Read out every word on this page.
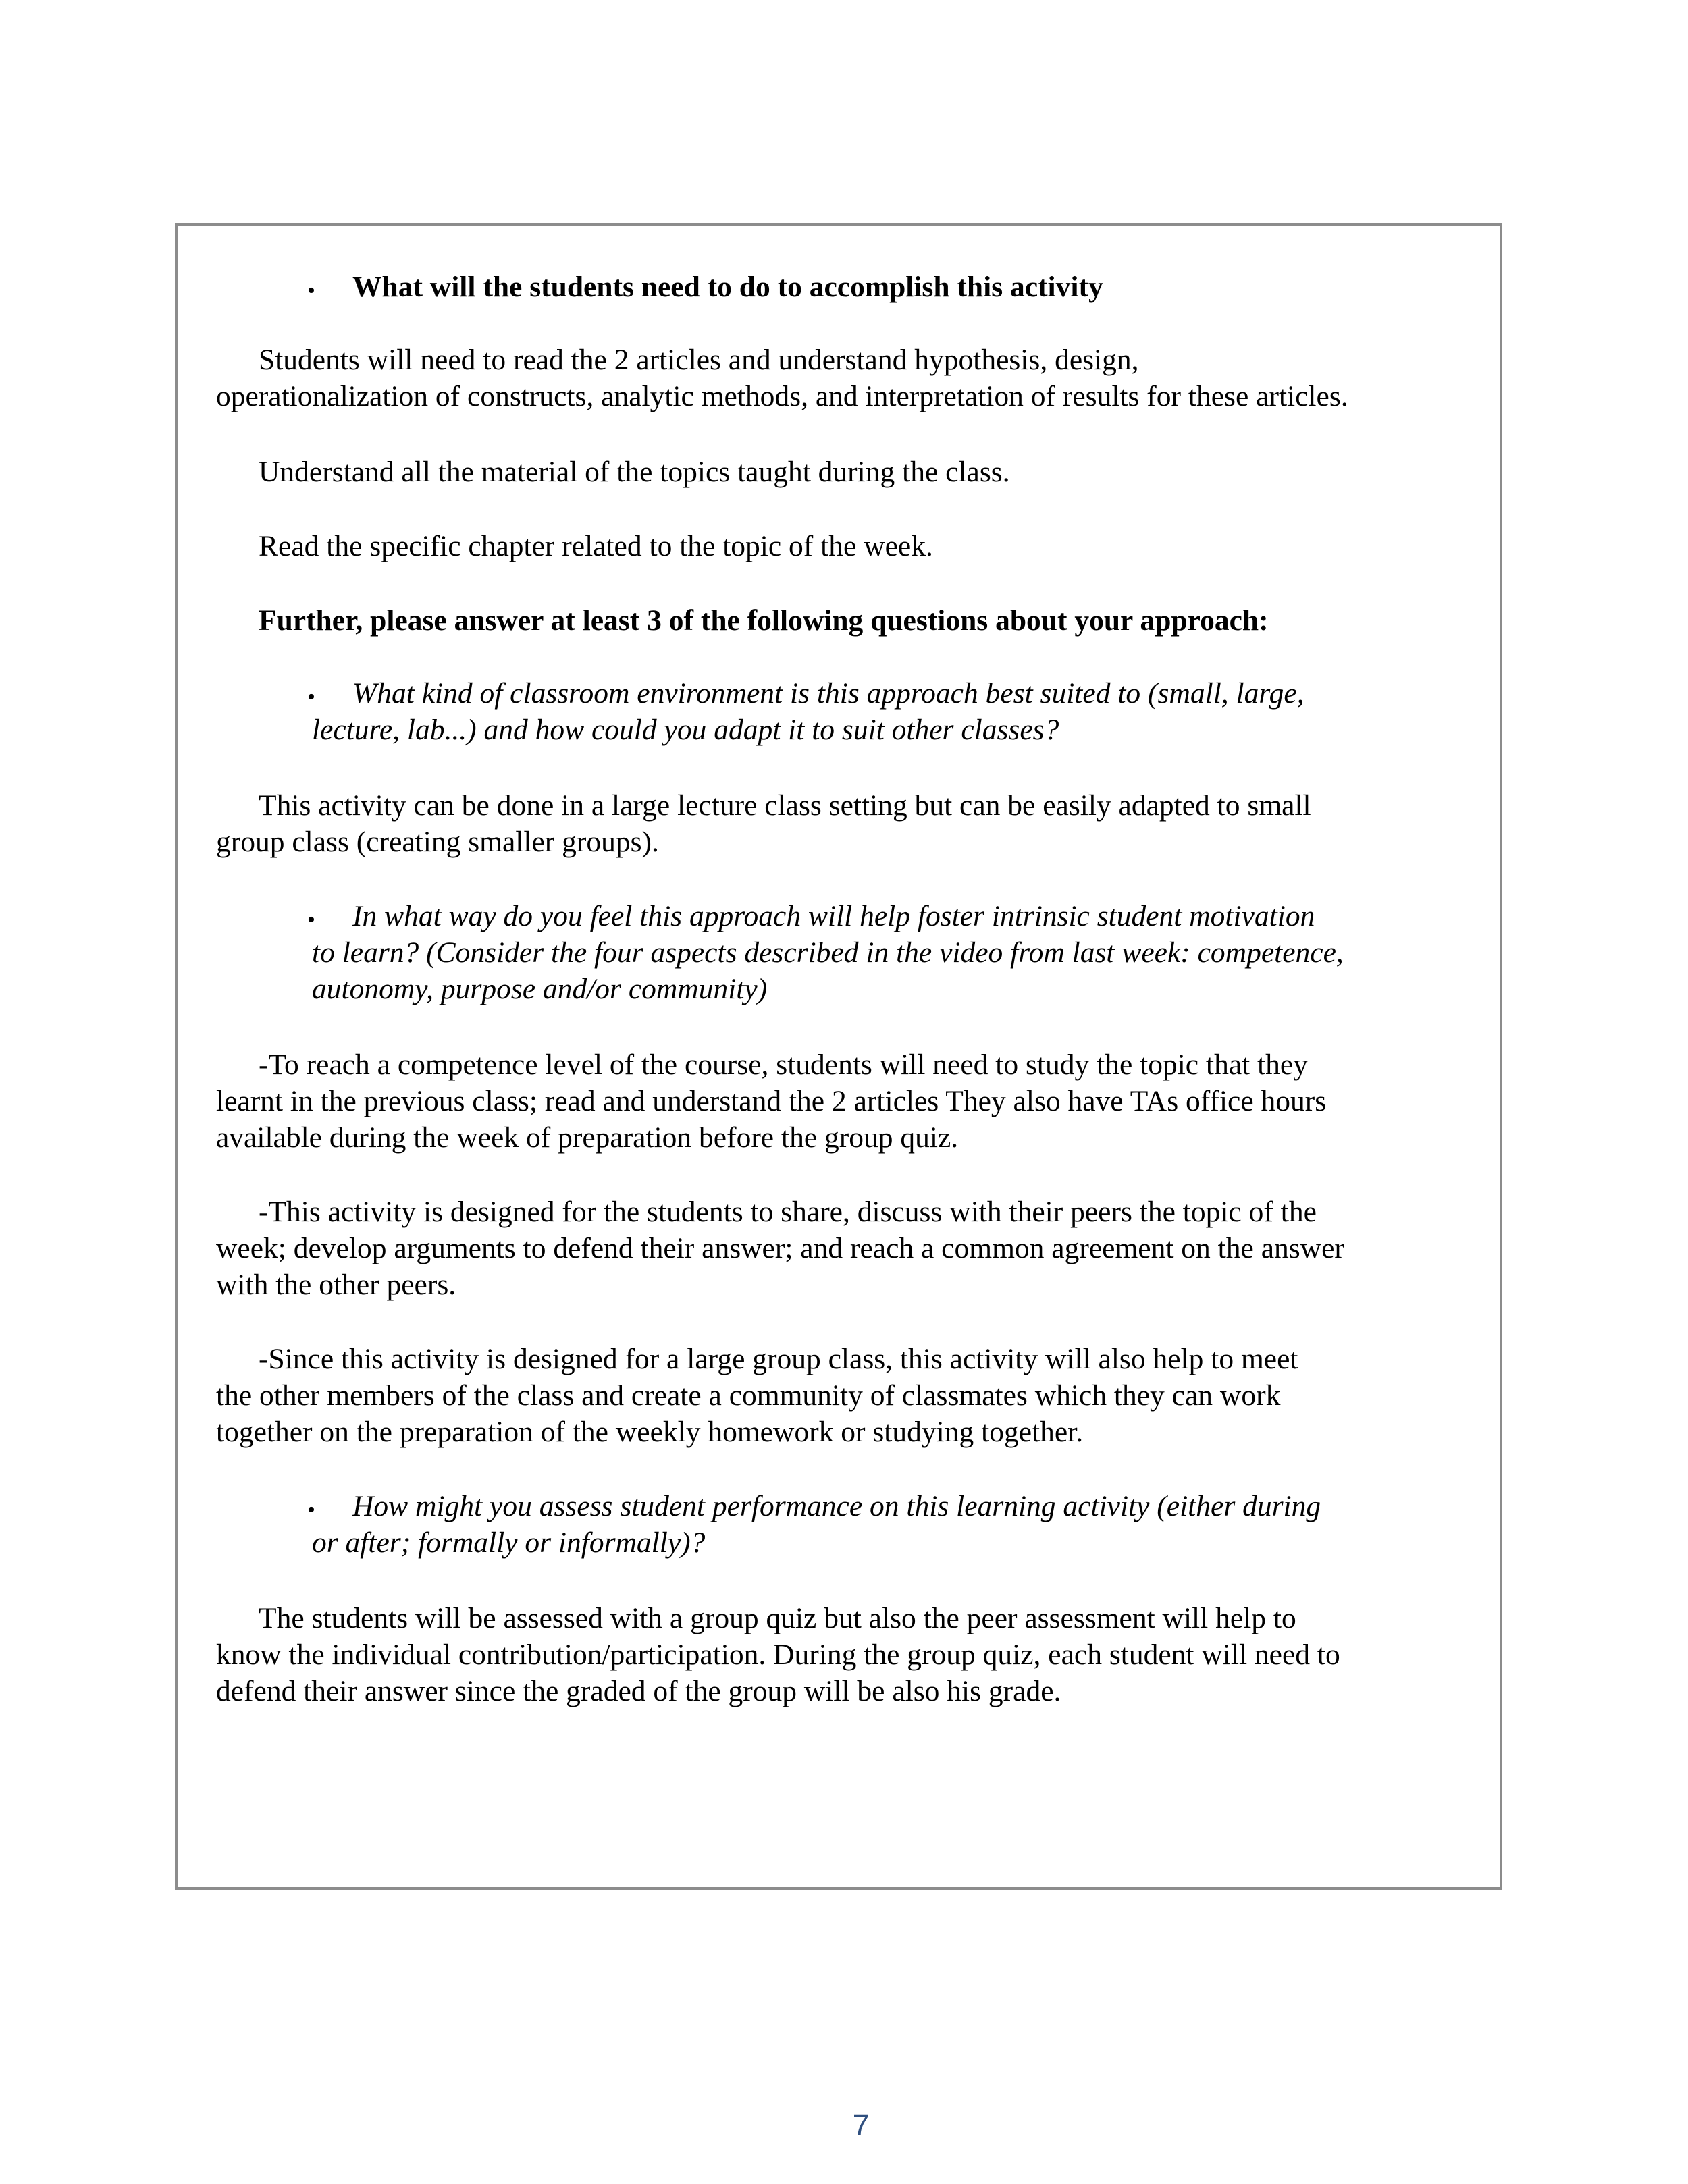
• What will the students need to do to accomplish this activity
Students will need to read the 2 articles and understand hypothesis, design,
operationalization of constructs, analytic methods, and interpretation of results for these articles.
Understand all the material of the topics taught during the class.
Read the specific chapter related to the topic of the week.
Further, please answer at least 3 of the following questions about your approach:
• What kind of classroom environment is this approach best suited to (small, large,
lecture, lab...) and how could you adapt it to suit other classes?
This activity can be done in a large lecture class setting but can be easily adapted to small
group class (creating smaller groups).
• In what way do you feel this approach will help foster intrinsic student motivation
to learn? (Consider the four aspects described in the video from last week: competence,
autonomy, purpose and/or community)
-To reach a competence level of the course, students will need to study the topic that they
learnt in the previous class; read and understand the 2 articles They also have TAs office hours
available during the week of preparation before the group quiz.
-This activity is designed for the students to share, discuss with their peers the topic of the
week; develop arguments to defend their answer; and reach a common agreement on the answer
with the other peers.
-Since this activity is designed for a large group class, this activity will also help to meet
the other members of the class and create a community of classmates which they can work
together on the preparation of the weekly homework or studying together.
• How might you assess student performance on this learning activity (either during
or after; formally or informally)?
The students will be assessed with a group quiz but also the peer assessment will help to
know the individual contribution/participation. During the group quiz, each student will need to
defend their answer since the graded of the group will be also his grade.
7
